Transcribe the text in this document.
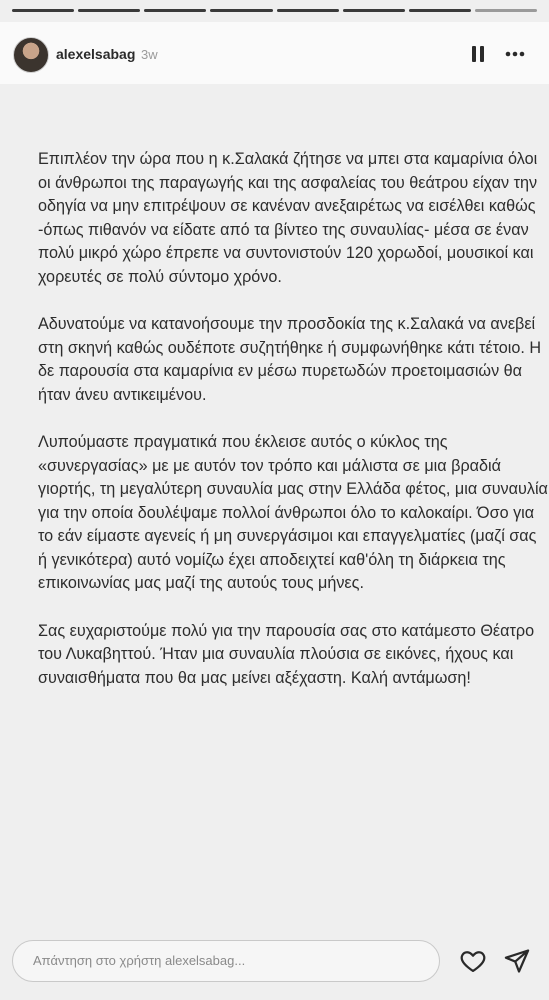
alexelsabag 3w

Επιπλέον την ώρα που η κ.Σαλακά ζήτησε να μπει στα καμαρίνια όλοι οι άνθρωποι της παραγωγής και της ασφαλείας του θεάτρου είχαν την οδηγία να μην επιτρέψουν σε κανέναν ανεξαιρέτως να εισέλθει καθώς -όπως πιθανόν να είδατε από τα βίντεο της συναυλίας- μέσα σε έναν πολύ μικρό χώρο έπρεπε να συντονιστούν 120 χορωδοί, μουσικοί και χορευτές σε πολύ σύντομο χρόνο.

Αδυνατούμε να κατανοήσουμε την προσδοκία της κ.Σαλακά να ανεβεί στη σκηνή καθώς ουδέποτε συζητήθηκε ή συμφωνήθηκε κάτι τέτοιο. Η δε παρουσία στα καμαρίνια εν μέσω πυρετωδών προετοιμασιών θα ήταν άνευ αντικειμένου.

Λυπούμαστε πραγματικά που έκλεισε αυτός ο κύκλος της «συνεργασίας» με με αυτόν τον τρόπο και μάλιστα σε μια βραδιά γιορτής, τη μεγαλύτερη συναυλία μας στην Ελλάδα φέτος, μια συναυλία για την οποία δουλέψαμε πολλοί άνθρωποι όλο το καλοκαίρι. Όσο για το εάν είμαστε αγενείς ή μη συνεργάσιμοι και επαγγελματίες (μαζί σας ή γενικότερα) αυτό νομίζω έχει αποδειχτεί καθ'όλη τη διάρκεια της επικοινωνίας μας μαζί της αυτούς τους μήνες.

Σας ευχαριστούμε πολύ για την παρουσία σας στο κατάμεστο Θέατρο του Λυκαβηττού. Ήταν μια συναυλία πλούσια σε εικόνες, ήχους και συναισθήματα που θα μας μείνει αξέχαστη. Καλή αντάμωση!

Απάντηση στο χρήστη alexelsabag...
